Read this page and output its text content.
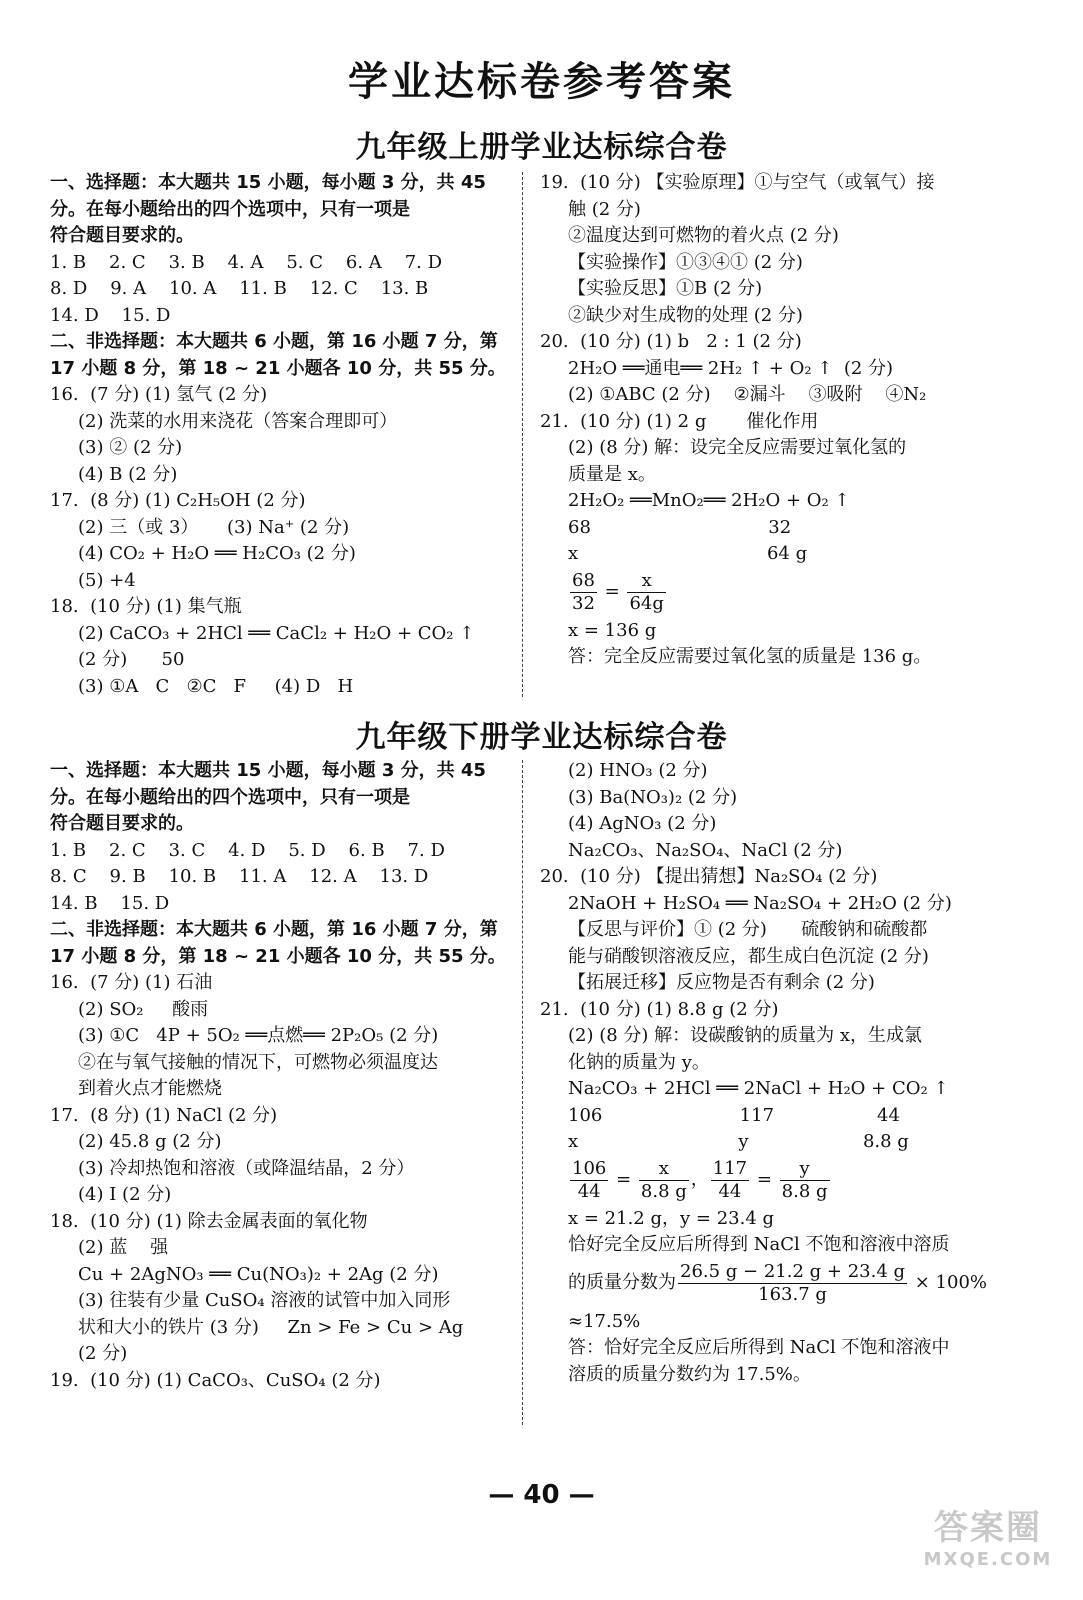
学业达标卷参考答案
九年级上册学业达标综合卷
一、选择题：本大题共 15 小题，每小题 3 分，共 45
分。在每小题给出的四个选项中，只有一项是
符合题目要求的。
1. B    2. C    3. B    4. A    5. C    6. A    7. D
8. D    9. A    10. A    11. B    12. C    13. B
14. D    15. D
二、非选择题：本大题共 6 小题，第 16 小题 7 分，第
17 小题 8 分，第 18 ~ 21 小题各 10 分，共 55 分。
16.  (7 分) (1) 氢气 (2 分)
(2) 洗菜的水用来浇花（答案合理即可）
(3) ② (2 分)
(4) B (2 分)
17.  (8 分) (1) C₂H₅OH (2 分)
(2) 三（或 3）     (3) Na⁺ (2 分)
(4) CO₂ + H₂O ══ H₂CO₃ (2 分)
(5) +4
18.  (10 分) (1) 集气瓶
(2) CaCO₃ + 2HCl ══ CaCl₂ + H₂O + CO₂ ↑
(2 分)      50
(3) ①A   C   ②C   F     (4) D   H
19.  (10 分) 【实验原理】①与空气（或氧气）接
触 (2 分)
②温度达到可燃物的着火点 (2 分)
【实验操作】①③④① (2 分)
【实验反思】①B (2 分)
②缺少对生成物的处理 (2 分)
20.  (10 分) (1) b   2 : 1 (2 分)
2H₂O ══通电══ 2H₂ ↑ + O₂ ↑  (2 分)
(2) ①ABC (2 分)    ②漏斗    ③吸附    ④N₂
21.  (10 分) (1) 2 g       催化作用
(2) (8 分) 解：设完全反应需要过氧化氢的
质量是 x。
2H₂O₂ ══MnO₂══ 2H₂O + O₂ ↑
68                               32
x                                 64 g
$\frac{68}{32} = \frac{x}{64g}$
x = 136 g
答：完全反应需要过氧化氢的质量是 136 g。
九年级下册学业达标综合卷
一、选择题：本大题共 15 小题，每小题 3 分，共 45
分。在每小题给出的四个选项中，只有一项是
符合题目要求的。
1. B    2. C    3. C    4. D    5. D    6. B    7. D
8. C    9. B    10. B    11. A    12. A    13. D
14. B    15. D
二、非选择题：本大题共 6 小题，第 16 小题 7 分，第
17 小题 8 分，第 18 ~ 21 小题各 10 分，共 55 分。
16.  (7 分) (1) 石油
(2) SO₂     酸雨
(3) ①C   4P + 5O₂ ══点燃══ 2P₂O₅ (2 分)
②在与氧气接触的情况下，可燃物必须温度达
到着火点才能燃烧
17.  (8 分) (1) NaCl (2 分)
(2) 45.8 g (2 分)
(3) 冷却热饱和溶液（或降温结晶，2 分）
(4) Ⅰ (2 分)
18.  (10 分) (1) 除去金属表面的氧化物
(2) 蓝    强
Cu + 2AgNO₃ ══ Cu(NO₃)₂ + 2Ag (2 分)
(3) 往装有少量 CuSO₄ 溶液的试管中加入同形
状和大小的铁片 (3 分)     Zn > Fe > Cu > Ag
(2 分)
19.  (10 分) (1) CaCO₃、CuSO₄ (2 分)
(2) HNO₃ (2 分)
(3) Ba(NO₃)₂ (2 分)
(4) AgNO₃ (2 分)
Na₂CO₃、Na₂SO₄、NaCl (2 分)
20.  (10 分) 【提出猜想】Na₂SO₄ (2 分)
2NaOH + H₂SO₄ ══ Na₂SO₄ + 2H₂O (2 分)
【反思与评价】① (2 分)      硫酸钠和硫酸都
能与硝酸钡溶液反应，都生成白色沉淀 (2 分)
【拓展迁移】反应物是否有剩余 (2 分)
21.  (10 分) (1) 8.8 g (2 分)
(2) (8 分) 解：设碳酸钠的质量为 x，生成氯
化钠的质量为 y。
Na₂CO₃ + 2HCl ══ 2NaCl + H₂O + CO₂ ↑
106                        117                  44
x                            y                    8.8 g
$\frac{106}{44} = \frac{x}{8.8 g}$ ， $\frac{117}{44} = \frac{y}{8.8 g}$
x = 21.2 g，y = 23.4 g
恰好完全反应后所得到 NaCl 不饱和溶液中溶质
的质量分数为 $\frac{26.5 g - 21.2 g + 23.4 g}{163.7 g} \times 100\%$
≈17.5%
答：恰好完全反应后所得到 NaCl 不饱和溶液中
溶质的质量分数约为 17.5%。
— 40 —
答案圈
MXQE.COM
